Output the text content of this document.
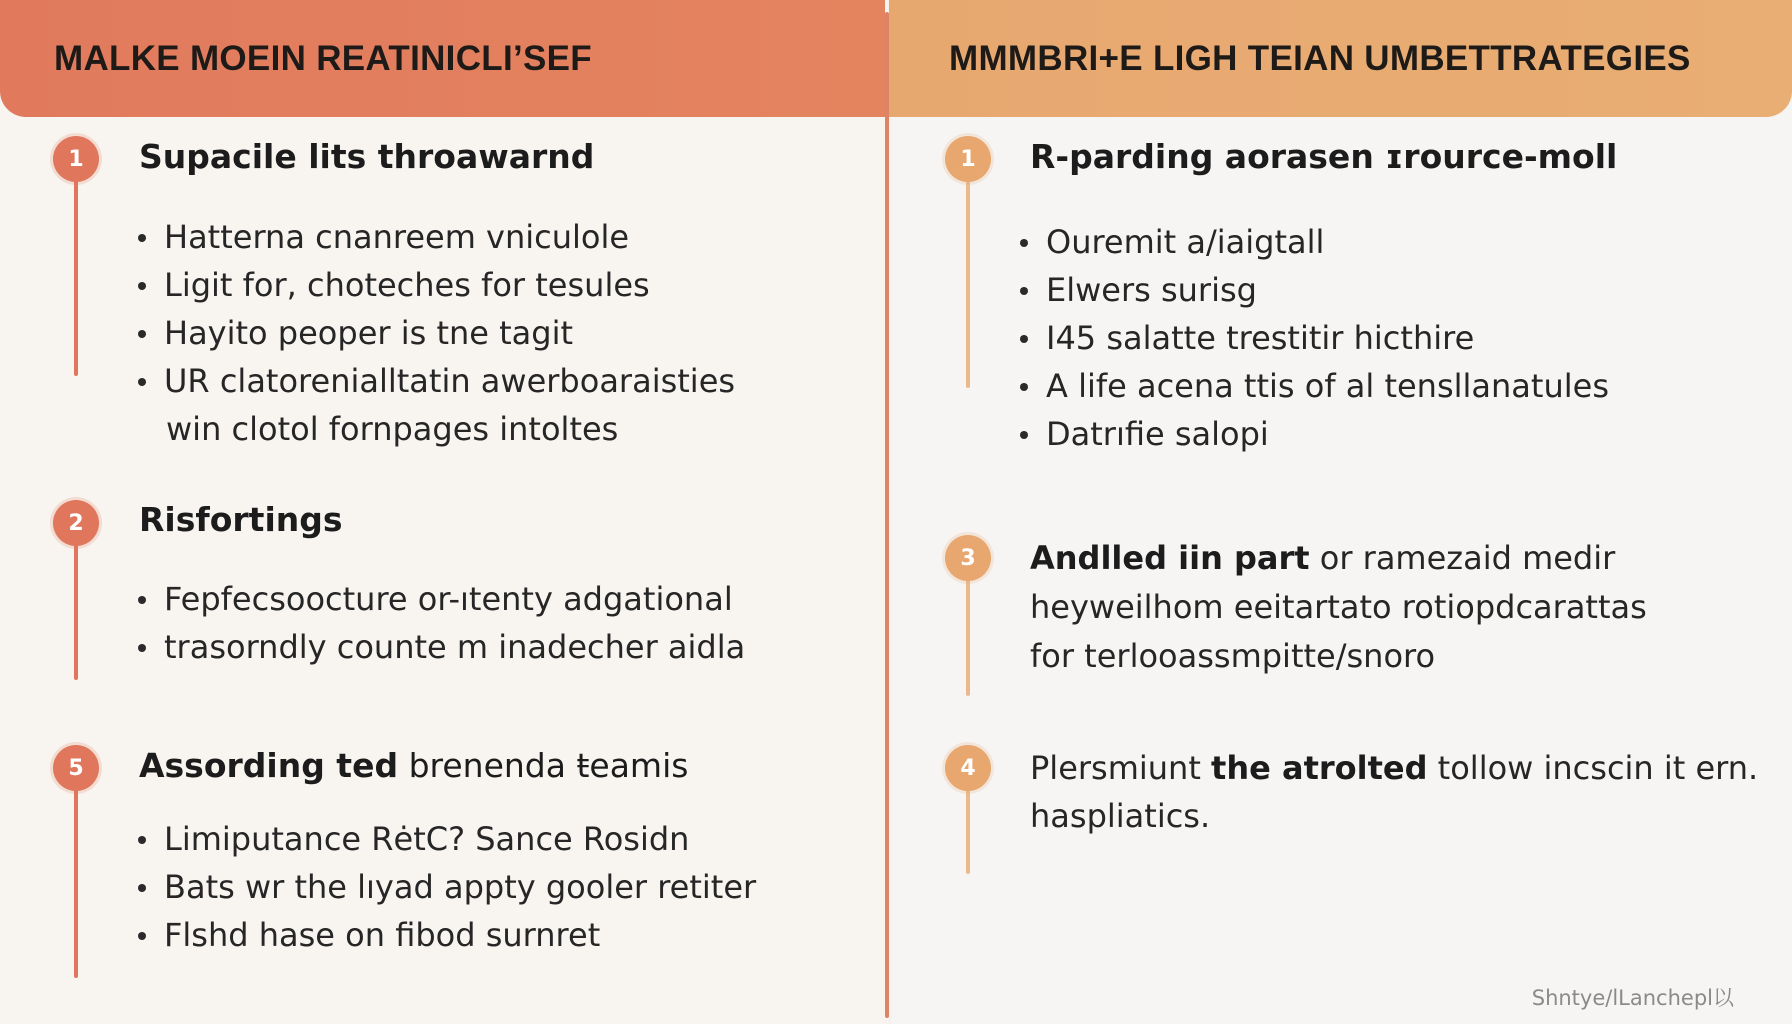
MALKE MOEIN REATINICLI’SEF	MMMBRI+E LIGH TEIAN UMBETTRATEGIES
1 Supacile lits throawarnd
Hatterna cnanreem vniculole
Ligit for, choteches for tesules
Hayito peoper is tne tagit
UR clatorenialltatin awerboaraisties
win clotol fornpages intoltes
2 Risfortings
Fepfecsoocture or-ıtenty adgational
trasorndly counte m inadecher aidla
5 Assording ted brenenda ŧeamis
Limiputance RėtC? Sance Rosidn
Bats wr the lıyad appty gooler retiter
Flshd hase on fibod surnret
1 R-parding aorasen ɪrource-moll
Ouremit a/iaigtall
Elwers surisg
I45 salatte trestitir hicthire
A life acena ttis of al tensllanatules
Datrıfie salopi
3 Andlled iin part or ramezaid medir
heyweilhom eeitartato rotiopdcarattas
for terlooassmpitte/snoro
4 Plersmiunt the atrolted tollow incscin it ern.
haspliatics.
Shntye/lLanchepl以
